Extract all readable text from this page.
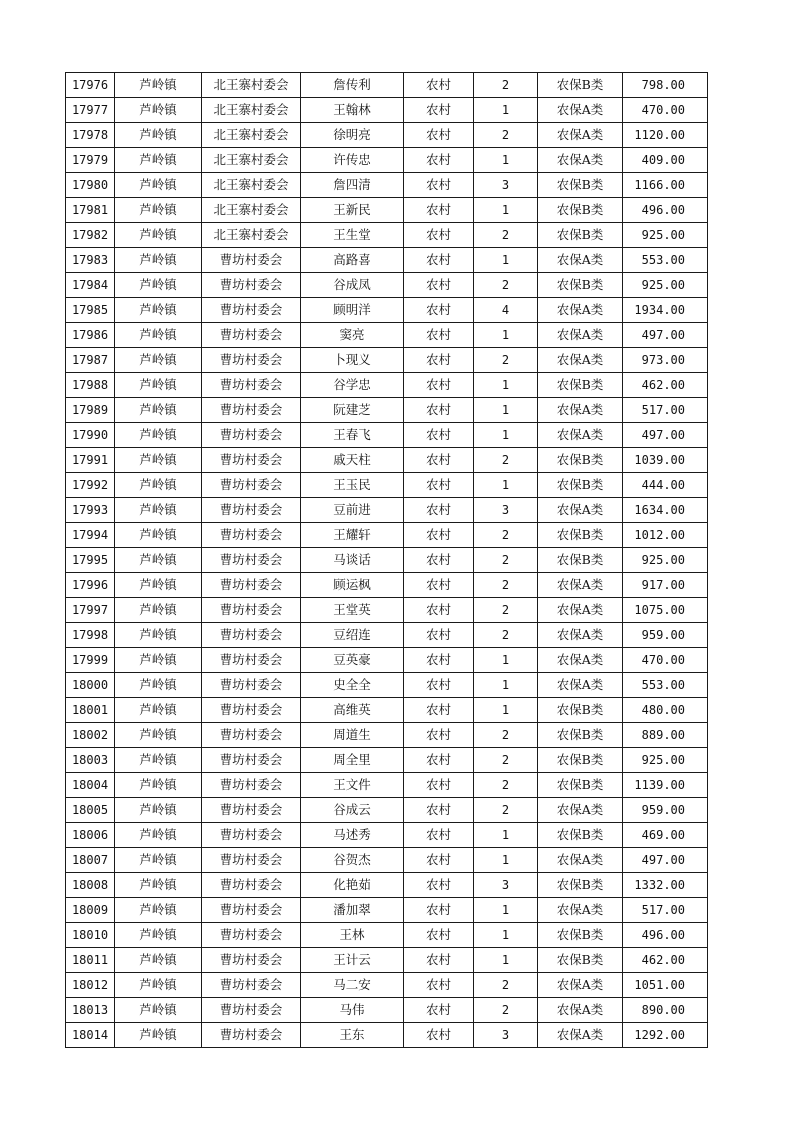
17976	芦岭镇	北王寨村委会	詹传利	农村	2	农保B类	798.00
17977	芦岭镇	北王寨村委会	王翰林	农村	1	农保A类	470.00
17978	芦岭镇	北王寨村委会	徐明亮	农村	2	农保A类	1120.00
17979	芦岭镇	北王寨村委会	许传忠	农村	1	农保A类	409.00
17980	芦岭镇	北王寨村委会	詹四清	农村	3	农保B类	1166.00
17981	芦岭镇	北王寨村委会	王新民	农村	1	农保B类	496.00
17982	芦岭镇	北王寨村委会	王生堂	农村	2	农保B类	925.00
17983	芦岭镇	曹坊村委会	高路喜	农村	1	农保A类	553.00
17984	芦岭镇	曹坊村委会	谷成凤	农村	2	农保B类	925.00
17985	芦岭镇	曹坊村委会	顾明洋	农村	4	农保A类	1934.00
17986	芦岭镇	曹坊村委会	窦亮	农村	1	农保A类	497.00
17987	芦岭镇	曹坊村委会	卜现义	农村	2	农保A类	973.00
17988	芦岭镇	曹坊村委会	谷学忠	农村	1	农保B类	462.00
17989	芦岭镇	曹坊村委会	阮建芝	农村	1	农保A类	517.00
17990	芦岭镇	曹坊村委会	王春飞	农村	1	农保A类	497.00
17991	芦岭镇	曹坊村委会	戚天柱	农村	2	农保B类	1039.00
17992	芦岭镇	曹坊村委会	王玉民	农村	1	农保B类	444.00
17993	芦岭镇	曹坊村委会	豆前进	农村	3	农保A类	1634.00
17994	芦岭镇	曹坊村委会	王耀轩	农村	2	农保B类	1012.00
17995	芦岭镇	曹坊村委会	马谈话	农村	2	农保B类	925.00
17996	芦岭镇	曹坊村委会	顾运枫	农村	2	农保A类	917.00
17997	芦岭镇	曹坊村委会	王堂英	农村	2	农保A类	1075.00
17998	芦岭镇	曹坊村委会	豆绍连	农村	2	农保A类	959.00
17999	芦岭镇	曹坊村委会	豆英豪	农村	1	农保A类	470.00
18000	芦岭镇	曹坊村委会	史全全	农村	1	农保A类	553.00
18001	芦岭镇	曹坊村委会	高维英	农村	1	农保B类	480.00
18002	芦岭镇	曹坊村委会	周道生	农村	2	农保B类	889.00
18003	芦岭镇	曹坊村委会	周全里	农村	2	农保B类	925.00
18004	芦岭镇	曹坊村委会	王文件	农村	2	农保B类	1139.00
18005	芦岭镇	曹坊村委会	谷成云	农村	2	农保A类	959.00
18006	芦岭镇	曹坊村委会	马述秀	农村	1	农保B类	469.00
18007	芦岭镇	曹坊村委会	谷贺杰	农村	1	农保A类	497.00
18008	芦岭镇	曹坊村委会	化艳茹	农村	3	农保B类	1332.00
18009	芦岭镇	曹坊村委会	潘加翠	农村	1	农保A类	517.00
18010	芦岭镇	曹坊村委会	王林	农村	1	农保B类	496.00
18011	芦岭镇	曹坊村委会	王计云	农村	1	农保B类	462.00
18012	芦岭镇	曹坊村委会	马二安	农村	2	农保A类	1051.00
18013	芦岭镇	曹坊村委会	马伟	农村	2	农保A类	890.00
18014	芦岭镇	曹坊村委会	王东	农村	3	农保A类	1292.00
